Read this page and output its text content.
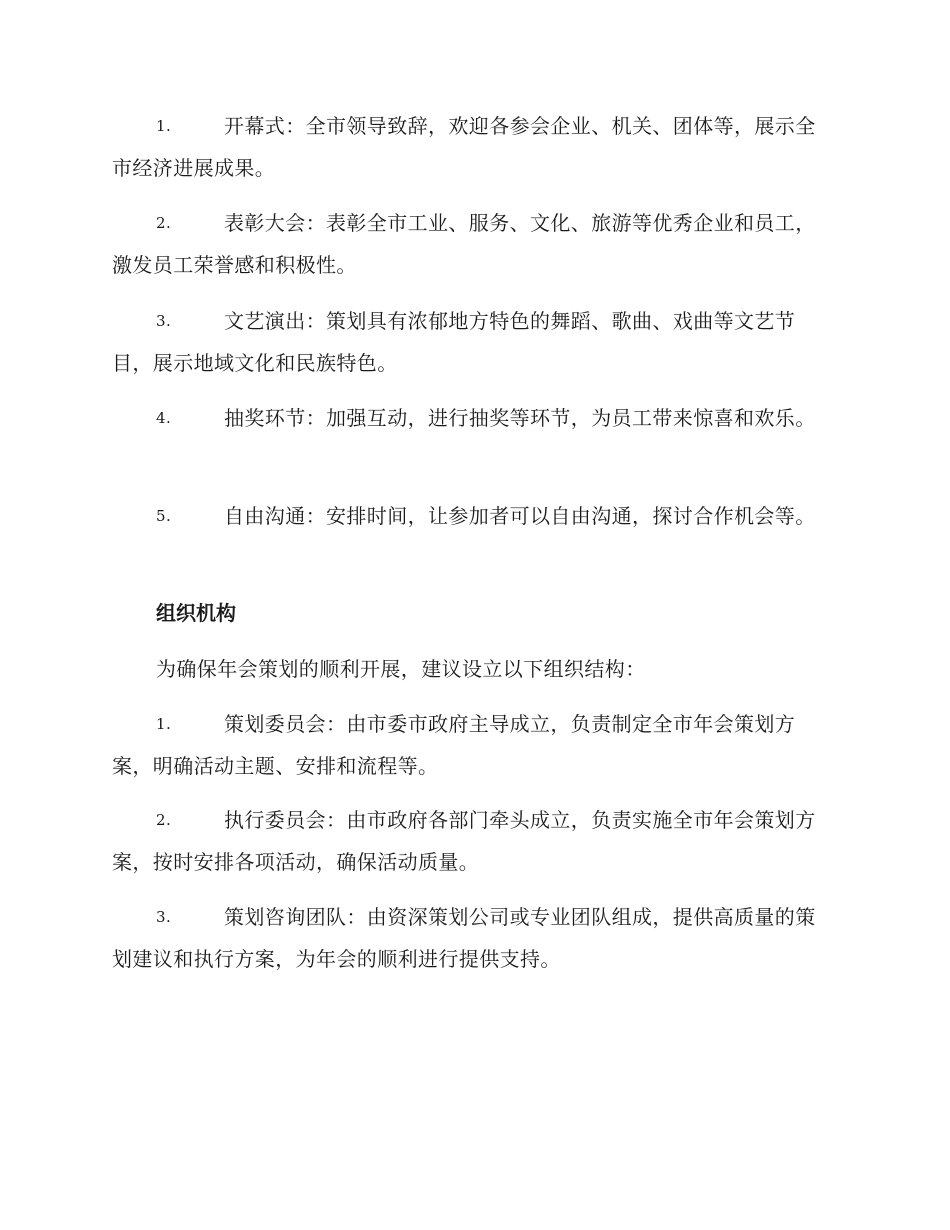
1.	开幕式：全市领导致辞，欢迎各参会企业、机关、团体等，展示全市经济进展成果。
2.	表彰大会：表彰全市工业、服务、文化、旅游等优秀企业和员工，激发员工荣誉感和积极性。
3.	文艺演出：策划具有浓郁地方特色的舞蹈、歌曲、戏曲等文艺节目，展示地域文化和民族特色。
4.	抽奖环节：加强互动，进行抽奖等环节，为员工带来惊喜和欢乐。
5.	自由沟通：安排时间，让参加者可以自由沟通，探讨合作机会等。
组织机构
为确保年会策划的顺利开展，建议设立以下组织结构：
1.	策划委员会：由市委市政府主导成立，负责制定全市年会策划方案，明确活动主题、安排和流程等。
2.	执行委员会：由市政府各部门牵头成立，负责实施全市年会策划方案，按时安排各项活动，确保活动质量。
3.	策划咨询团队：由资深策划公司或专业团队组成，提供高质量的策划建议和执行方案，为年会的顺利进行提供支持。
